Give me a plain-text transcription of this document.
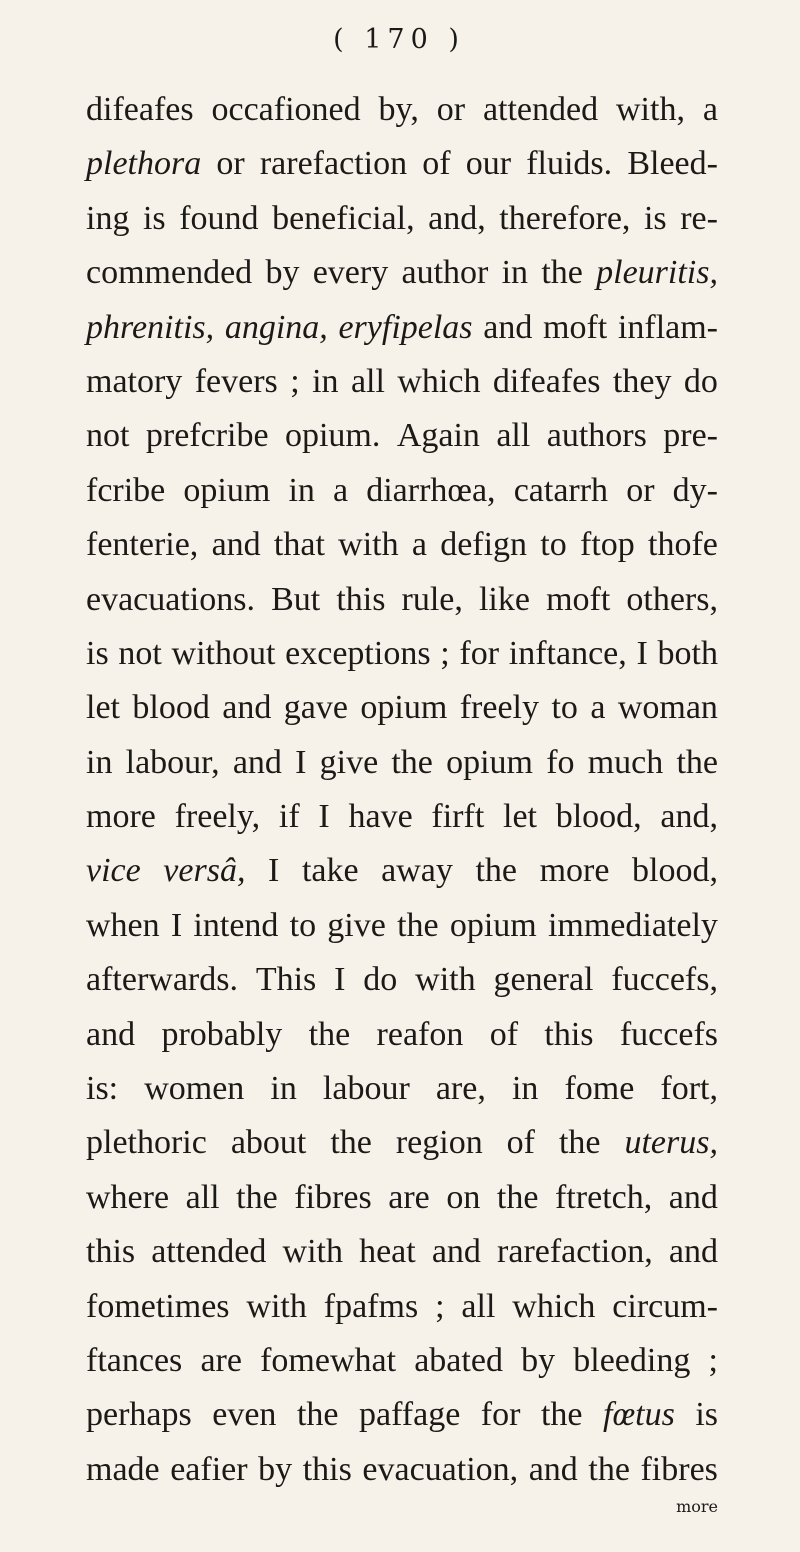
( 170 )
difeafes occafioned by, or attended with, a
plethora or rarefaction of our fluids. Bleed-
ing is found beneficial, and, therefore, is re-
commended by every author in the pleuritis,
phrenitis, angina, eryfipelas and moft inflam-
matory fevers ; in all which difeafes they do
not prefcribe opium. Again all authors pre-
fcribe opium in a diarrhœa, catarrh or dy-
fenterie, and that with a defign to ftop thofe
evacuations. But this rule, like moft others,
is not without exceptions ; for inftance, I both
let blood and gave opium freely to a woman
in labour, and I give the opium fo much the
more freely, if I have firft let blood, and,
vice versâ, I take away the more blood,
when I intend to give the opium immediately
afterwards. This I do with general fuccefs,
and probably the reafon of this fuccefs
is: women in labour are, in fome fort,
plethoric about the region of the uterus,
where all the fibres are on the ftretch, and
this attended with heat and rarefaction, and
fometimes with fpafms ; all which circum-
ftances are fomewhat abated by bleeding ;
perhaps even the paffage for the fœtus is
made eafier by this evacuation, and the fibres
more
